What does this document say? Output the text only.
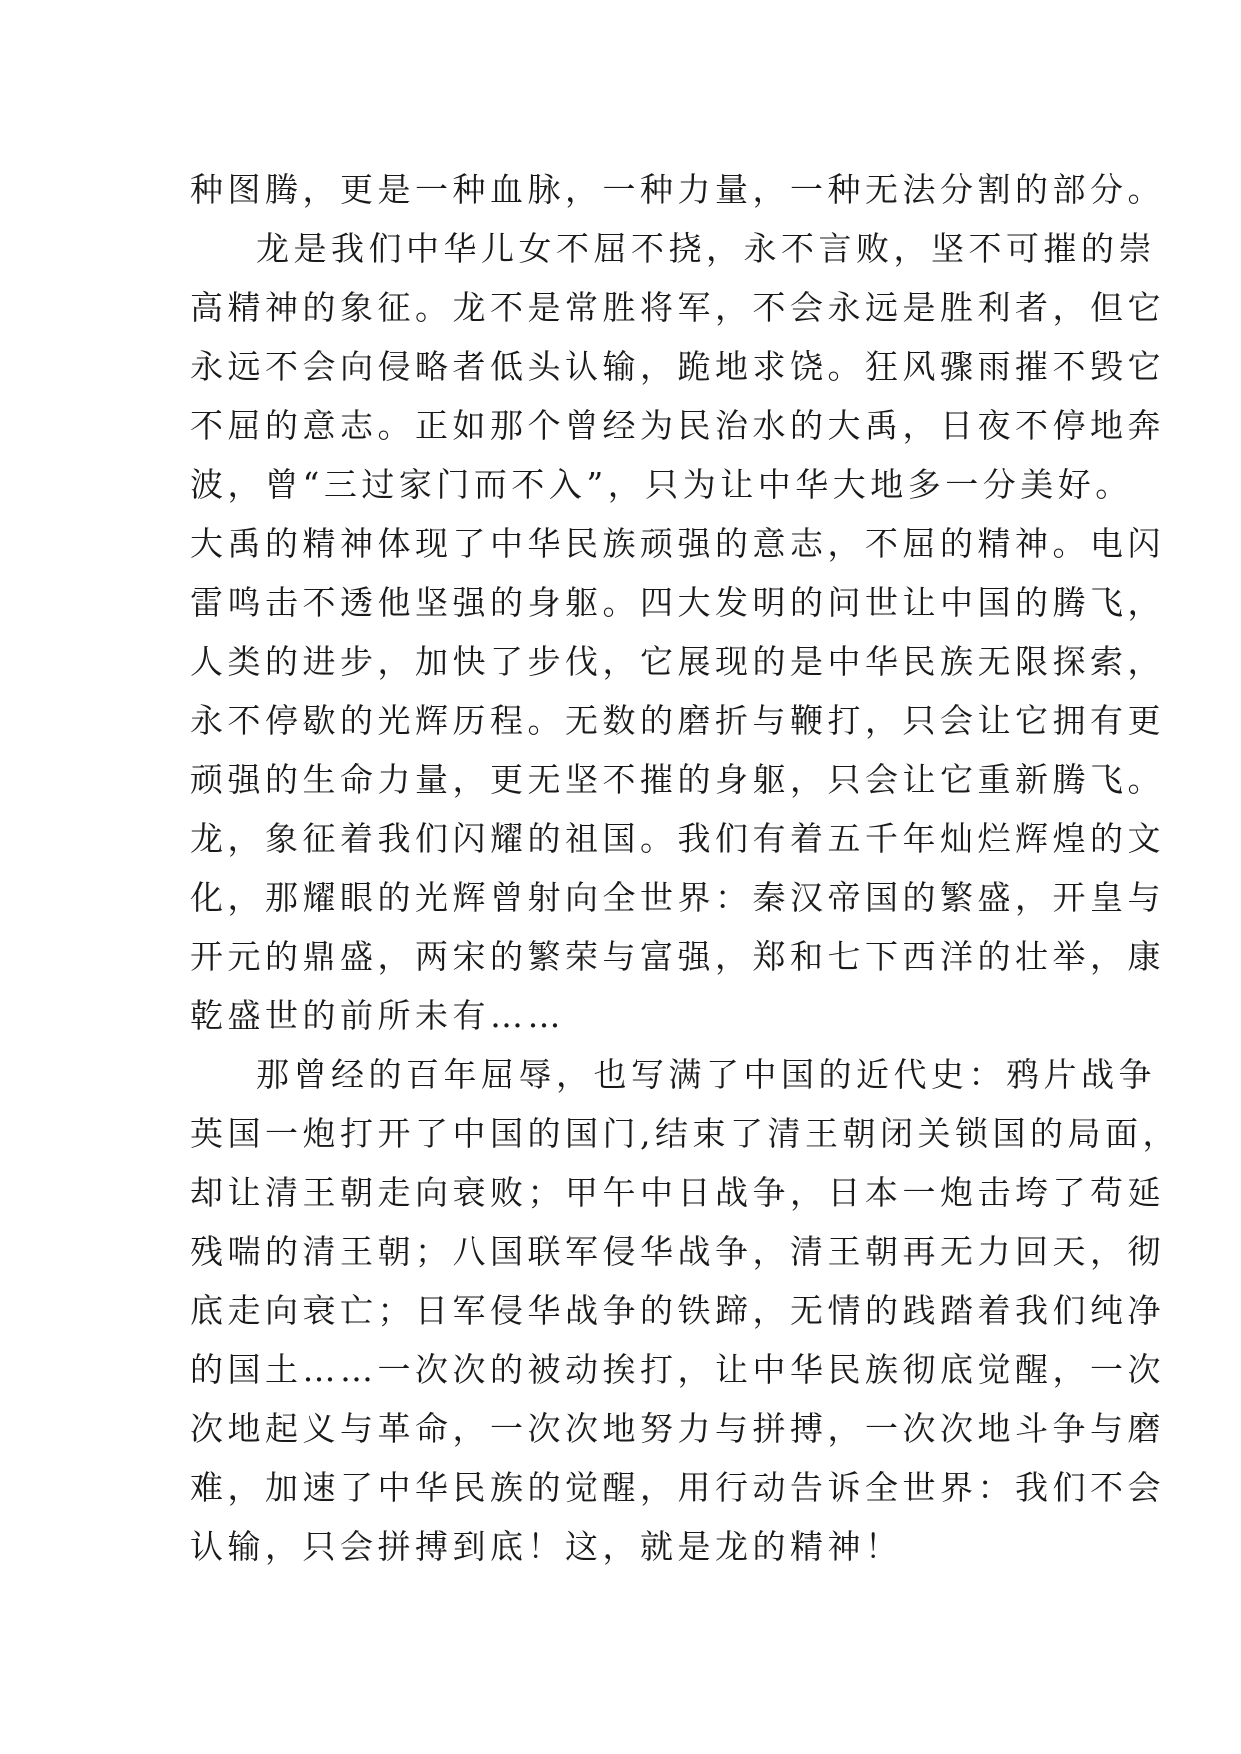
种图腾，更是一种血脉，一种力量，一种无法分割的部分。
龙是我们中华儿女不屈不挠，永不言败，坚不可摧的崇
高精神的象征。龙不是常胜将军，不会永远是胜利者，但它
永远不会向侵略者低头认输，跪地求饶。狂风骤雨摧不毁它
不屈的意志。正如那个曾经为民治水的大禹，日夜不停地奔
波，曾“三过家门而不入”，只为让中华大地多一分美好。
大禹的精神体现了中华民族顽强的意志，不屈的精神。电闪
雷鸣击不透他坚强的身躯。四大发明的问世让中国的腾飞，
人类的进步，加快了步伐，它展现的是中华民族无限探索，
永不停歇的光辉历程。无数的磨折与鞭打，只会让它拥有更
顽强的生命力量，更无坚不摧的身躯，只会让它重新腾飞。
龙，象征着我们闪耀的祖国。我们有着五千年灿烂辉煌的文
化，那耀眼的光辉曾射向全世界：秦汉帝国的繁盛，开皇与
开元的鼎盛，两宋的繁荣与富强，郑和七下西洋的壮举，康
乾盛世的前所未有……
那曾经的百年屈辱，也写满了中国的近代史：鸦片战争
英国一炮打开了中国的国门,结束了清王朝闭关锁国的局面，
却让清王朝走向衰败；甲午中日战争，日本一炮击垮了苟延
残喘的清王朝；八国联军侵华战争，清王朝再无力回天，彻
底走向衰亡；日军侵华战争的铁蹄，无情的践踏着我们纯净
的国土……一次次的被动挨打，让中华民族彻底觉醒，一次
次地起义与革命，一次次地努力与拼搏，一次次地斗争与磨
难，加速了中华民族的觉醒，用行动告诉全世界：我们不会
认输，只会拼搏到底！这，就是龙的精神！
